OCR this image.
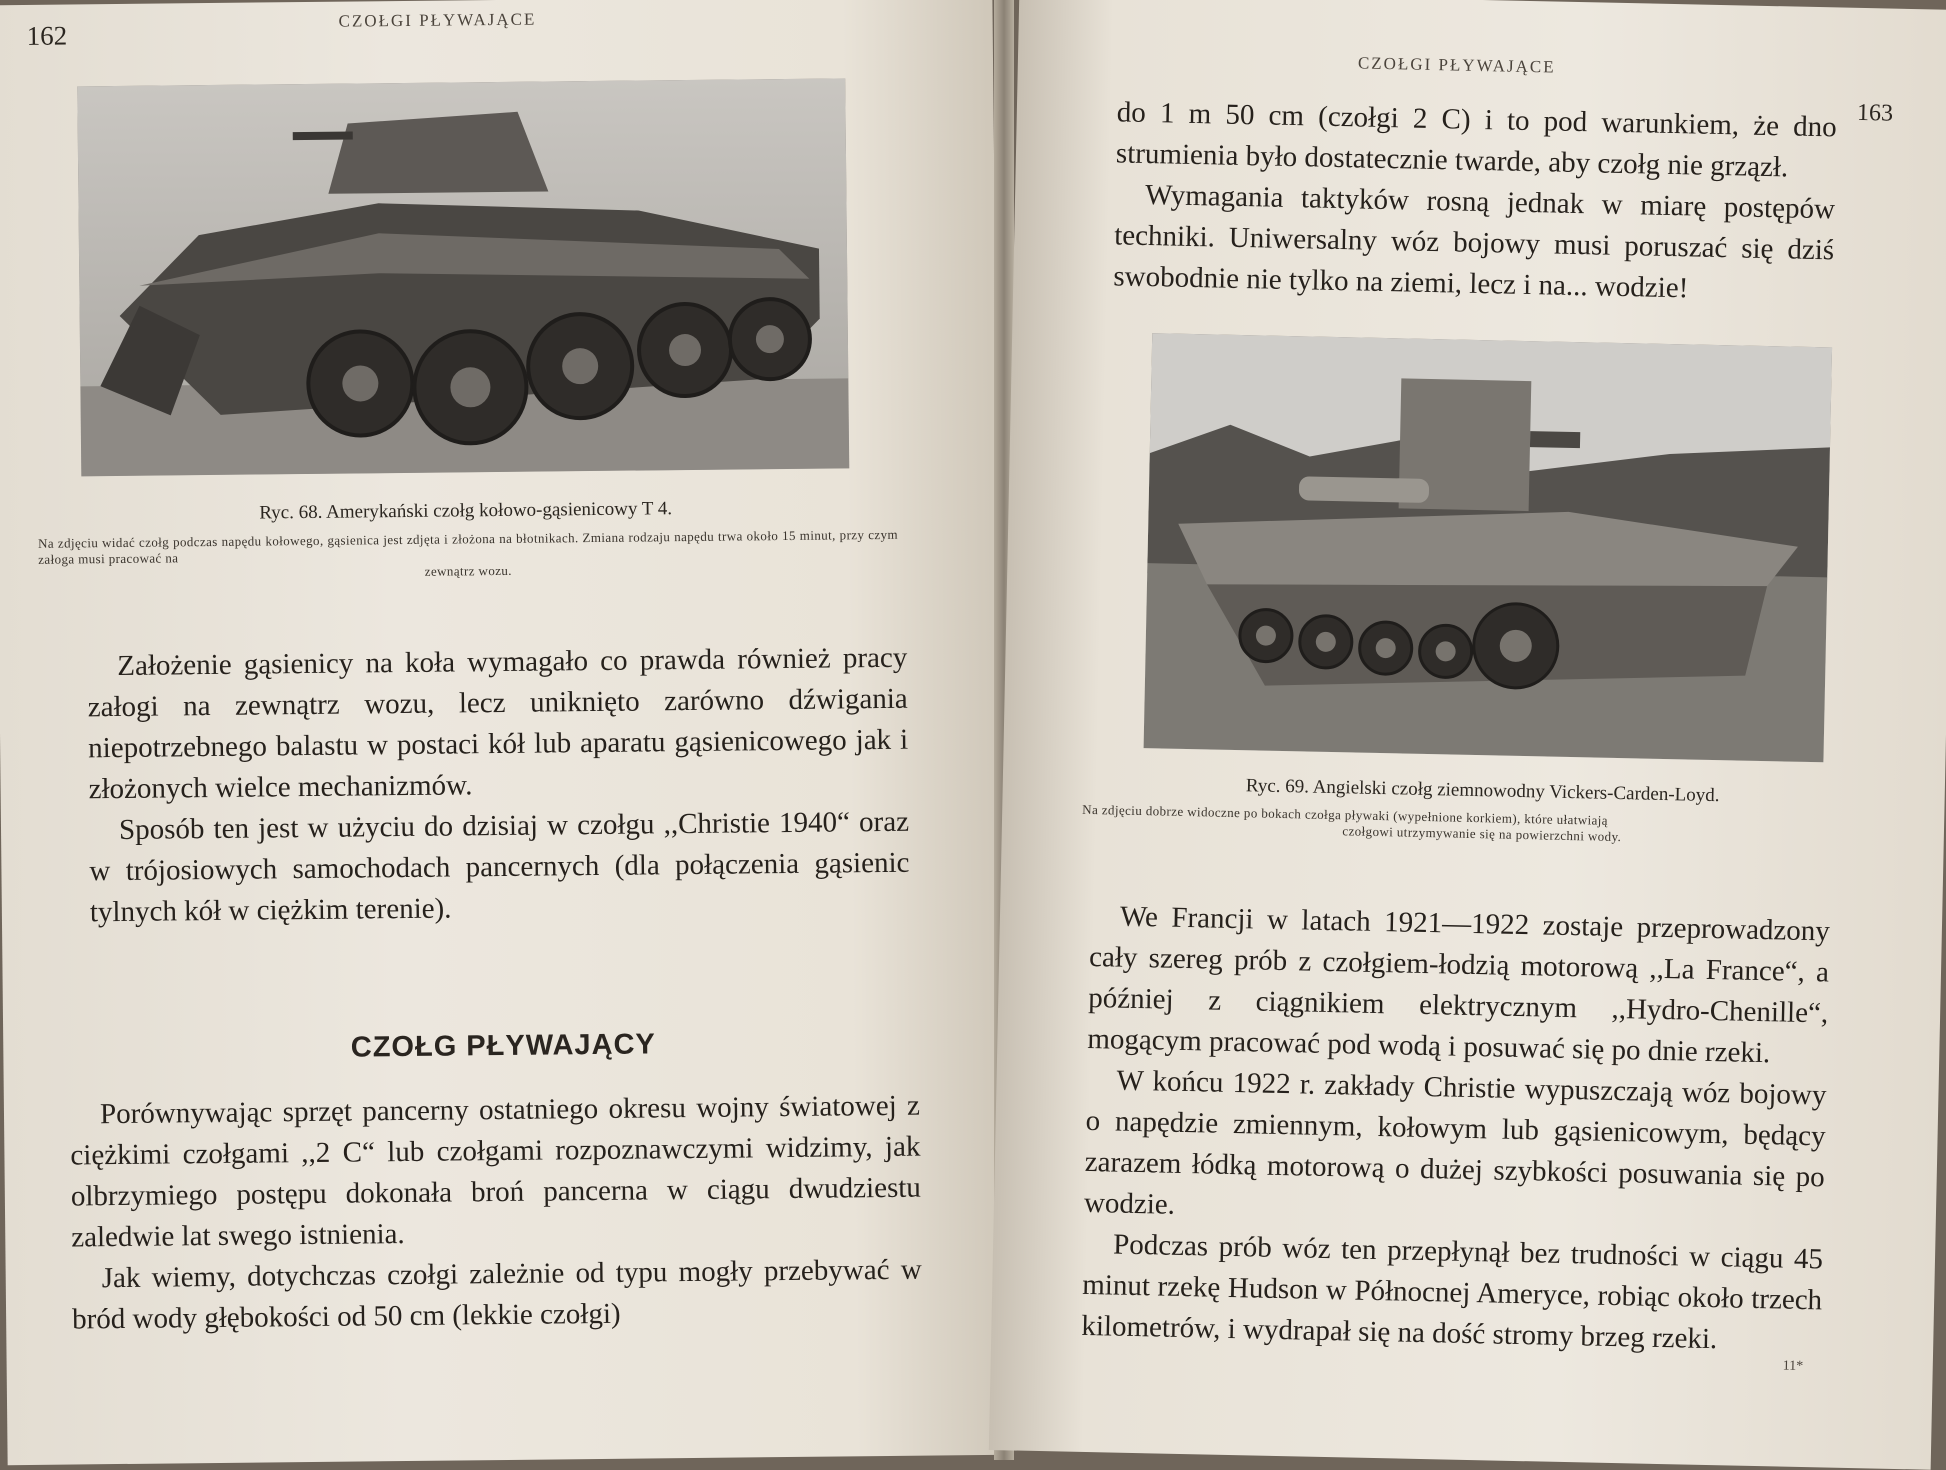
162
CZOŁGI PŁYWAJĄCE
Ryc. 68. Amerykański czołg kołowo-gąsienicowy T 4.
Na zdjęciu widać czołg podczas napędu kołowego, gąsienica jest zdjęta i złożona na błotnikach. Zmiana rodzaju napędu trwa około 15 minut, przy czym załoga musi pracować na
zewnątrz wozu.

Założenie gąsienicy na koła wymagało co prawda również pracy załogi na zewnątrz wozu, lecz uniknięto zarówno dźwigania niepotrzebnego balastu w postaci kół lub aparatu gąsienicowego jak i złożonych wielce mechanizmów.

Sposób ten jest w użyciu do dzisiaj w czołgu ,,Christie 1940“ oraz w trójosiowych samochodach pancernych (dla połączenia gąsienic tylnych kół w ciężkim terenie).

CZOŁG PŁYWAJĄCY

Porównywając sprzęt pancerny ostatniego okresu wojny światowej z ciężkimi czołgami ,,2 C“ lub czołgami rozpoznawczymi widzimy, jak olbrzymiego postępu dokonała broń pancerna w ciągu dwudziestu zaledwie lat swego istnienia.

Jak wiemy, dotychczas czołgi zależnie od typu mogły przebywać w bród wody głębokości od 50 cm (lekkie czołgi)

CZOŁGI PŁYWAJĄCE
163

do 1 m 50 cm (czołgi 2 C) i to pod warunkiem, że dno strumienia było dostatecznie twarde, aby czołg nie grzązł.

Wymagania taktyków rosną jednak w miarę postępów techniki. Uniwersalny wóz bojowy musi poruszać się dziś swobodnie nie tylko na ziemi, lecz i na... wodzie!

Ryc. 69. Angielski czołg ziemnowodny Vickers-Carden-Loyd.
Na zdjęciu dobrze widoczne po bokach czołga pływaki (wypełnione korkiem), które ułatwiają
czołgowi utrzymywanie się na powierzchni wody.

We Francji w latach 1921—1922 zostaje przeprowadzony cały szereg prób z czołgiem-łodzią motorową ,,La France“, a później z ciągnikiem elektrycznym ,,Hydro-Chenille“, mogącym pracować pod wodą i posuwać się po dnie rzeki.

W końcu 1922 r. zakłady Christie wypuszczają wóz bojowy o napędzie zmiennym, kołowym lub gąsienicowym, będący zarazem łódką motorową o dużej szybkości posuwania się po wodzie.

Podczas prób wóz ten przepłynął bez trudności w ciągu 45 minut rzekę Hudson w Północnej Ameryce, robiąc około trzech kilometrów, i wydrapał się na dość stromy brzeg rzeki.

11*
